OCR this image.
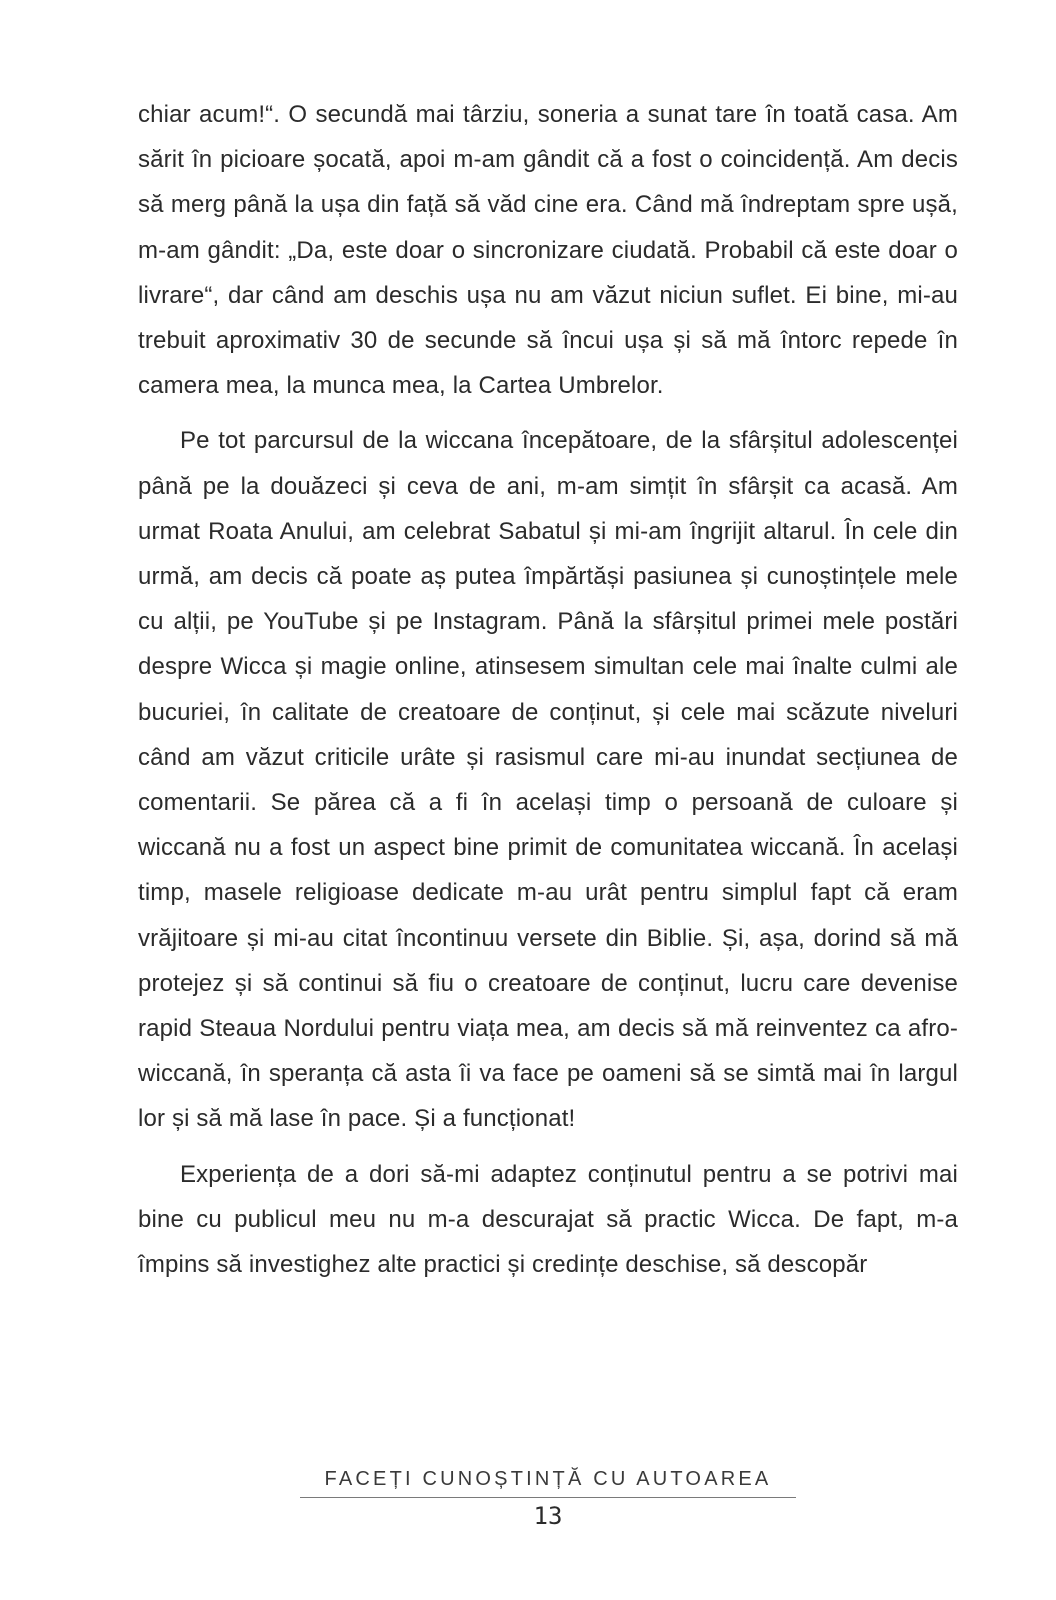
chiar acum!“. O secundă mai târziu, soneria a sunat tare în toată casa. Am sărit în picioare șocată, apoi m-am gândit că a fost o coincidență. Am decis să merg până la ușa din față să văd cine era. Când mă îndreptam spre ușă, m-am gândit: „Da, este doar o sincronizare ciudată. Probabil că este doar o livrare“, dar când am deschis ușa nu am văzut niciun suflet. Ei bine, mi-au trebuit aproximativ 30 de secunde să încui ușa și să mă întorc repede în camera mea, la munca mea, la Cartea Umbrelor.

Pe tot parcursul de la wiccana începătoare, de la sfârșitul adolescenței până pe la douăzeci și ceva de ani, m-am simțit în sfârșit ca acasă. Am urmat Roata Anului, am celebrat Sabatul și mi-am îngrijit altarul. În cele din urmă, am decis că poate aș putea împărtăși pasiunea și cunoștințele mele cu alții, pe YouTube și pe Instagram. Până la sfârșitul primei mele postări despre Wicca și magie online, atinsesem simultan cele mai înalte culmi ale bucuriei, în calitate de creatoare de conținut, și cele mai scăzute niveluri când am văzut criticile urâte și rasismul care mi-au inundat secțiunea de comentarii. Se părea că a fi în același timp o persoană de culoare și wiccană nu a fost un aspect bine primit de comunitatea wiccană. În același timp, masele religioase dedicate m-au urât pentru simplul fapt că eram vrăjitoare și mi-au citat încontinuu versete din Biblie. Și, așa, dorind să mă protejez și să continui să fiu o creatoare de conținut, lucru care devenise rapid Steaua Nordului pentru viața mea, am decis să mă reinventez ca afro-wiccană, în speranța că asta îi va face pe oameni să se simtă mai în largul lor și să mă lase în pace. Și a funcționat!

Experiența de a dori să-mi adaptez conținutul pentru a se potrivi mai bine cu publicul meu nu m-a descurajat să practic Wicca. De fapt, m-a împins să investighez alte practici și credințe deschise, să descopăr

FACEȚI CUNOȘTINȚĂ CU AUTOAREA
13
